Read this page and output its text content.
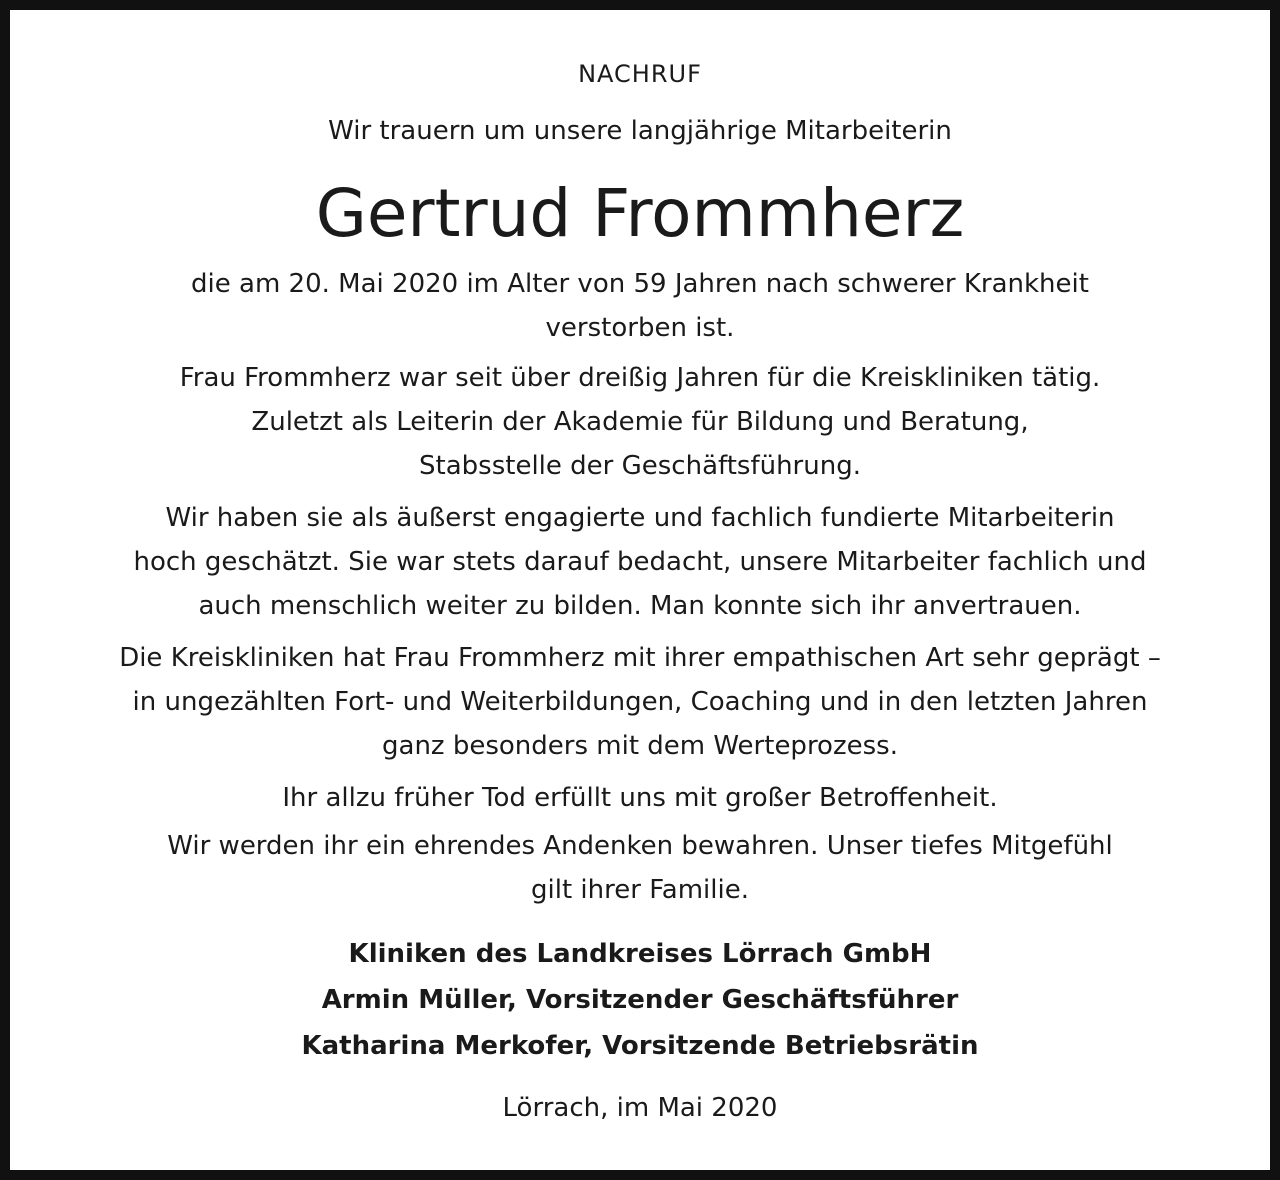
NACHRUF
Wir trauern um unsere langjährige Mitarbeiterin
Gertrud Frommherz
die am 20. Mai 2020 im Alter von 59 Jahren nach schwerer Krankheit
verstorben ist.
Frau Frommherz war seit über dreißig Jahren für die Kreiskliniken tätig.
Zuletzt als Leiterin der Akademie für Bildung und Beratung,
Stabsstelle der Geschäftsführung.
Wir haben sie als äußerst engagierte und fachlich fundierte Mitarbeiterin
hoch geschätzt. Sie war stets darauf bedacht, unsere Mitarbeiter fachlich und
auch menschlich weiter zu bilden. Man konnte sich ihr anvertrauen.
Die Kreiskliniken hat Frau Frommherz mit ihrer empathischen Art sehr geprägt –
in ungezählten Fort- und Weiterbildungen, Coaching und in den letzten Jahren
ganz besonders mit dem Werteprozess.
Ihr allzu früher Tod erfüllt uns mit großer Betroffenheit.
Wir werden ihr ein ehrendes Andenken bewahren. Unser tiefes Mitgefühl
gilt ihrer Familie.
Kliniken des Landkreises Lörrach GmbH
Armin Müller, Vorsitzender Geschäftsführer
Katharina Merkofer, Vorsitzende Betriebsrätin
Lörrach, im Mai 2020
